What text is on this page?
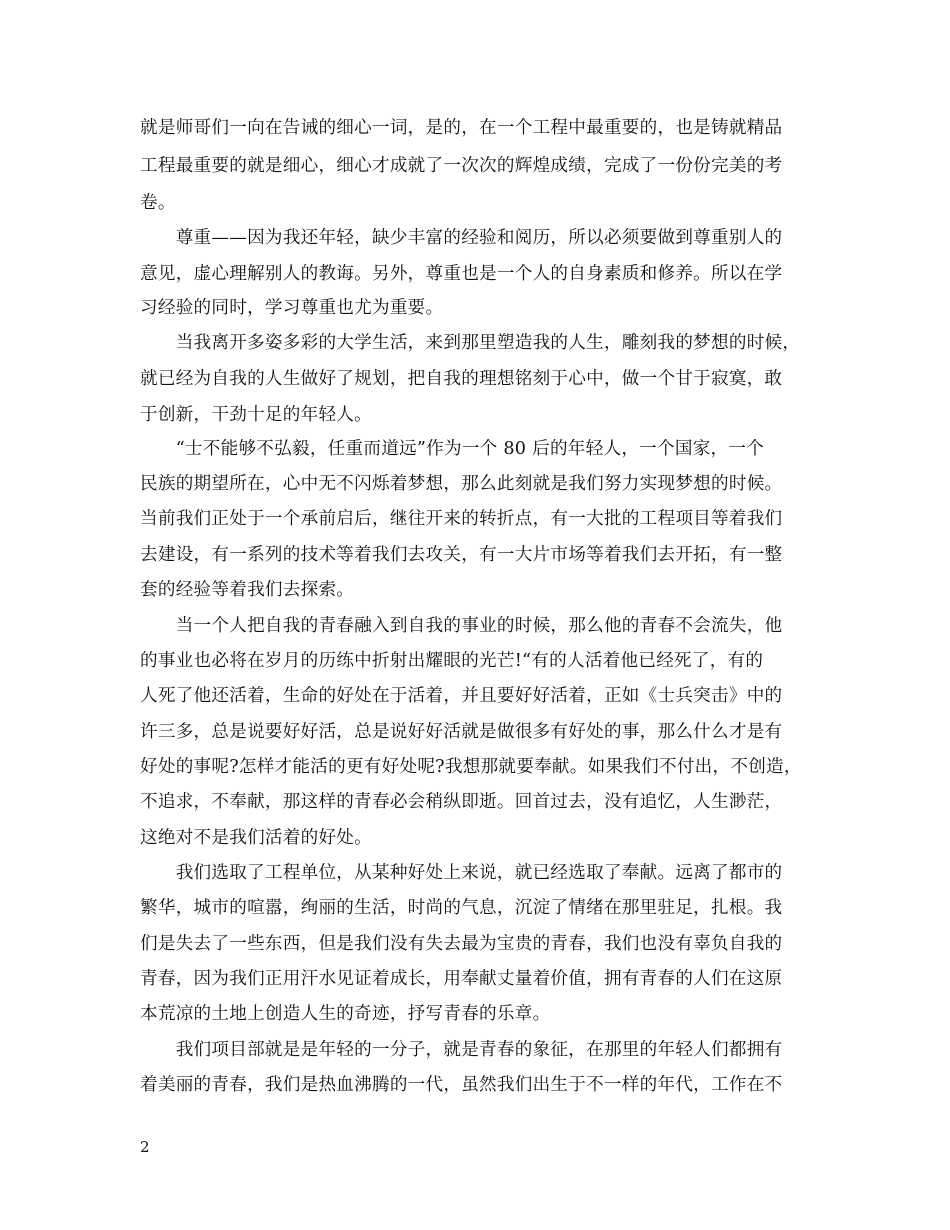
就是师哥们一向在告诫的细心一词，是的，在一个工程中最重要的，也是铸就精品
工程最重要的就是细心，细心才成就了一次次的辉煌成绩，完成了一份份完美的考
卷。
　　尊重——因为我还年轻，缺少丰富的经验和阅历，所以必须要做到尊重别人的
意见，虚心理解别人的教诲。另外，尊重也是一个人的自身素质和修养。所以在学
习经验的同时，学习尊重也尤为重要。
　　当我离开多姿多彩的大学生活，来到那里塑造我的人生，雕刻我的梦想的时候，
就已经为自我的人生做好了规划，把自我的理想铭刻于心中，做一个甘于寂寞，敢
于创新，干劲十足的年轻人。
　　“士不能够不弘毅，任重而道远”作为一个 80 后的年轻人，一个国家，一个
民族的期望所在，心中无不闪烁着梦想，那么此刻就是我们努力实现梦想的时候。
当前我们正处于一个承前启后，继往开来的转折点，有一大批的工程项目等着我们
去建设，有一系列的技术等着我们去攻关，有一大片市场等着我们去开拓，有一整
套的经验等着我们去探索。
　　当一个人把自我的青春融入到自我的事业的时候，那么他的青春不会流失，他
的事业也必将在岁月的历练中折射出耀眼的光芒!“有的人活着他已经死了，有的
人死了他还活着，生命的好处在于活着，并且要好好活着，正如《士兵突击》中的
许三多，总是说要好好活，总是说好好活就是做很多有好处的事，那么什么才是有
好处的事呢?怎样才能活的更有好处呢?我想那就要奉献。如果我们不付出，不创造，
不追求，不奉献，那这样的青春必会稍纵即逝。回首过去，没有追忆，人生渺茫，
这绝对不是我们活着的好处。
　　我们选取了工程单位，从某种好处上来说，就已经选取了奉献。远离了都市的
繁华，城市的喧嚣，绚丽的生活，时尚的气息，沉淀了情绪在那里驻足，扎根。我
们是失去了一些东西，但是我们没有失去最为宝贵的青春，我们也没有辜负自我的
青春，因为我们正用汗水见证着成长，用奉献丈量着价值，拥有青春的人们在这原
本荒凉的土地上创造人生的奇迹，抒写青春的乐章。
　　我们项目部就是是年轻的一分子，就是青春的象征，在那里的年轻人们都拥有
着美丽的青春，我们是热血沸腾的一代，虽然我们出生于不一样的年代，工作在不
2
